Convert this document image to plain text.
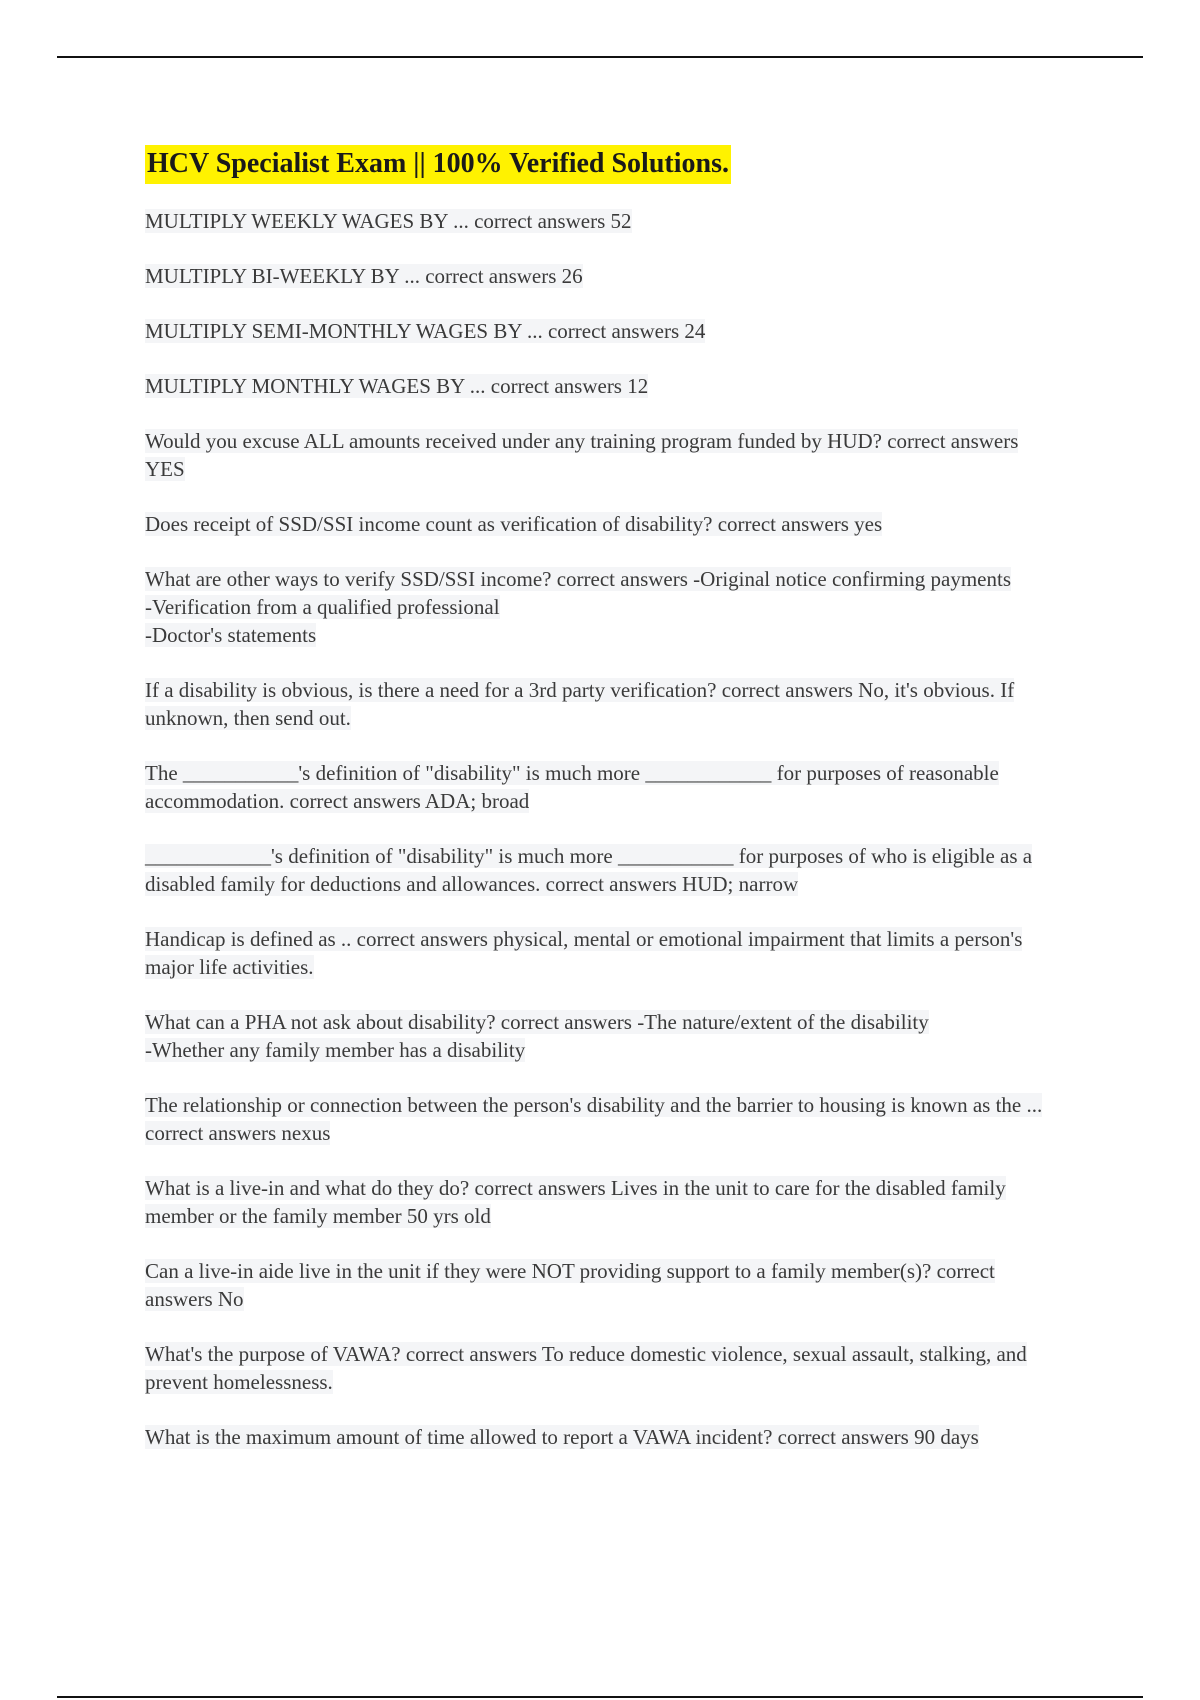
HCV Specialist Exam || 100% Verified Solutions.

MULTIPLY WEEKLY WAGES BY ... correct answers 52

MULTIPLY BI-WEEKLY BY ... correct answers 26

MULTIPLY SEMI-MONTHLY WAGES BY ... correct answers 24

MULTIPLY MONTHLY WAGES BY ... correct answers 12

Would you excuse ALL amounts received under any training program funded by HUD? correct answers YES

Does receipt of SSD/SSI income count as verification of disability? correct answers yes

What are other ways to verify SSD/SSI income? correct answers -Original notice confirming payments
-Verification from a qualified professional
-Doctor's statements

If a disability is obvious, is there a need for a 3rd party verification? correct answers No, it's obvious. If unknown, then send out.

The ___________'s definition of "disability" is much more ____________ for purposes of reasonable accommodation. correct answers ADA; broad

____________'s definition of "disability" is much more ___________ for purposes of who is eligible as a disabled family for deductions and allowances. correct answers HUD; narrow

Handicap is defined as .. correct answers physical, mental or emotional impairment that limits a person's major life activities.

What can a PHA not ask about disability? correct answers -The nature/extent of the disability
-Whether any family member has a disability

The relationship or connection between the person's disability and the barrier to housing is known as the ... correct answers nexus

What is a live-in and what do they do? correct answers Lives in the unit to care for the disabled family member or the family member 50 yrs old

Can a live-in aide live in the unit if they were NOT providing support to a family member(s)? correct answers No

What's the purpose of VAWA? correct answers To reduce domestic violence, sexual assault, stalking, and prevent homelessness.

What is the maximum amount of time allowed to report a VAWA incident? correct answers 90 days
